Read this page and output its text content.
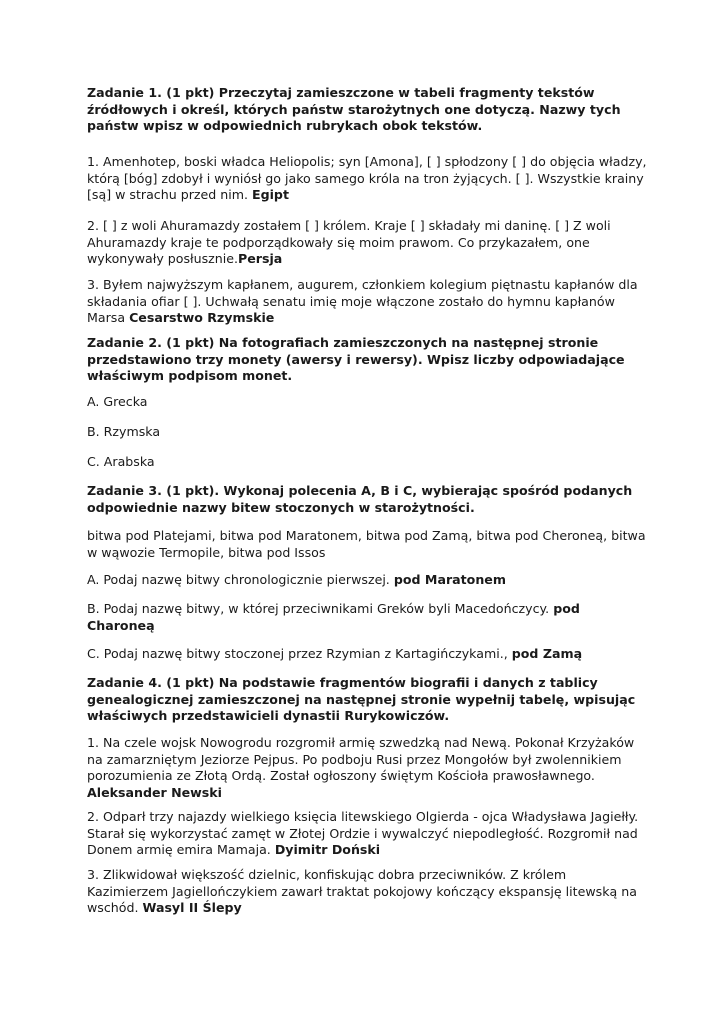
Zadanie 1. (1 pkt) Przeczytaj zamieszczone w tabeli fragmenty tekstów źródłowych i określ, których państw starożytnych one dotyczą. Nazwy tych państw wpisz w odpowiednich rubrykach obok tekstów.

1. Amenhotep, boski władca Heliopolis; syn [Amona], [ ] spłodzony [ ] do objęcia władzy, którą [bóg] zdobył i wyniósł go jako samego króla na tron żyjących. [ ]. Wszystkie krainy [są] w strachu przed nim. Egipt

2. [ ] z woli Ahuramazdy zostałem [ ] królem. Kraje [ ] składały mi daninę. [ ] Z woli Ahuramazdy kraje te podporządkowały się moim prawom. Co przykazałem, one wykonywały posłusznie.Persja

3. Byłem najwyższym kapłanem, augurem, członkiem kolegium piętnastu kapłanów dla składania ofiar [ ]. Uchwałą senatu imię moje włączone zostało do hymnu kapłanów Marsa Cesarstwo Rzymskie

Zadanie 2. (1 pkt) Na fotografiach zamieszczonych na następnej stronie przedstawiono trzy monety (awersy i rewersy). Wpisz liczby odpowiadające właściwym podpisom monet.

A. Grecka

B. Rzymska

C. Arabska

Zadanie 3. (1 pkt). Wykonaj polecenia A, B i C, wybierając spośród podanych odpowiednie nazwy bitew stoczonych w starożytności.

bitwa pod Platejami, bitwa pod Maratonem, bitwa pod Zamą, bitwa pod Cheroneą, bitwa w wąwozie Termopile, bitwa pod Issos

A. Podaj nazwę bitwy chronologicznie pierwszej. pod Maratonem

B. Podaj nazwę bitwy, w której przeciwnikami Greków byli Macedończycy. pod Charoneą

C. Podaj nazwę bitwy stoczonej przez Rzymian z Kartagińczykami., pod Zamą

Zadanie 4. (1 pkt) Na podstawie fragmentów biografii i danych z tablicy genealogicznej zamieszczonej na następnej stronie wypełnij tabelę, wpisując właściwych przedstawicieli dynastii Rurykowiczów.

1. Na czele wojsk Nowogrodu rozgromił armię szwedzką nad Newą. Pokonał Krzyżaków na zamarzniętym Jeziorze Pejpus. Po podboju Rusi przez Mongołów był zwolennikiem porozumienia ze Złotą Ordą. Został ogłoszony świętym Kościoła prawosławnego. Aleksander Newski

2. Odparł trzy najazdy wielkiego księcia litewskiego Olgierda - ojca Władysława Jagiełły. Starał się wykorzystać zamęt w Złotej Ordzie i wywalczyć niepodległość. Rozgromił nad Donem armię emira Mamaja. Dyimitr Doński

3. Zlikwidował większość dzielnic, konfiskując dobra przeciwników. Z królem Kazimierzem Jagiellończykiem zawarł traktat pokojowy kończący ekspansję litewską na wschód. Wasyl II Ślepy
